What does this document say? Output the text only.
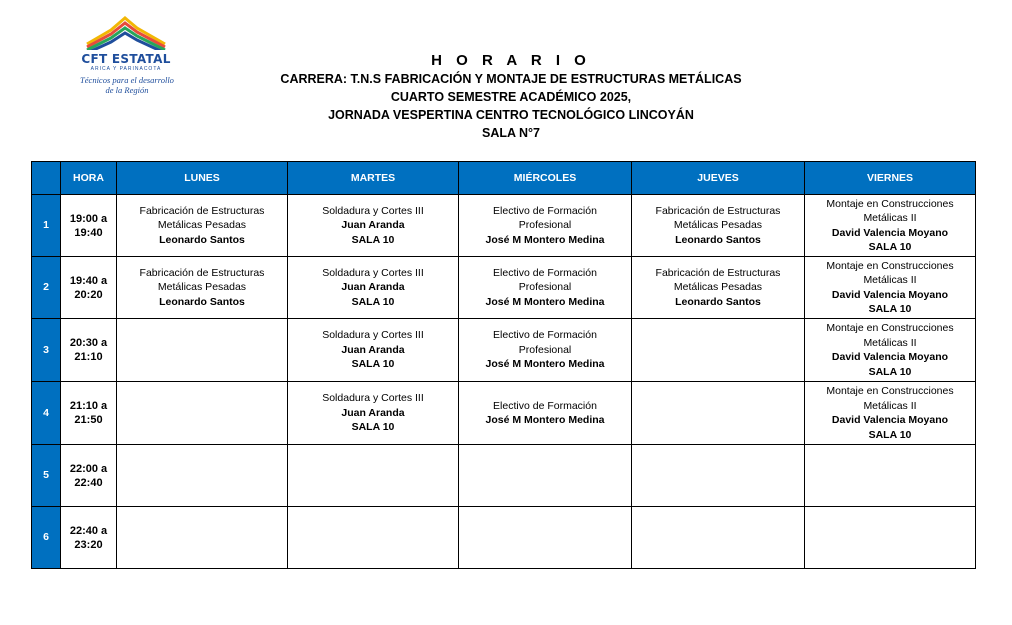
CFT ESTATAL
ARICA Y PARINACOTA
Técnicos para el desarrollo
de la Región
H O R A R I O
CARRERA: T.N.S FABRICACIÓN Y MONTAJE DE ESTRUCTURAS METÁLICAS
CUARTO SEMESTRE ACADÉMICO 2025,
JORNADA VESPERTINA CENTRO TECNOLÓGICO LINCOYÁN
SALA N°7
	HORA	LUNES	MARTES	MIÉRCOLES	JUEVES	VIERNES
1	19:00 a
19:40	Fabricación de Estructuras
Metálicas Pesadas
Leonardo Santos	Soldadura y Cortes III
Juan Aranda
SALA 10	Electivo de Formación
Profesional
José M Montero Medina	Fabricación de Estructuras
Metálicas Pesadas
Leonardo Santos	Montaje en Construcciones
Metálicas II
David Valencia Moyano
SALA 10

2	19:40 a
20:20	Fabricación de Estructuras
Metálicas Pesadas
Leonardo Santos	Soldadura y Cortes III
Juan Aranda
SALA 10	Electivo de Formación
Profesional
José M Montero Medina	Fabricación de Estructuras
Metálicas Pesadas
Leonardo Santos	Montaje en Construcciones
Metálicas II
David Valencia Moyano
SALA 10

3	20:30 a
21:10		Soldadura y Cortes III
Juan Aranda
SALA 10	Electivo de Formación
Profesional
José M Montero Medina		Montaje en Construcciones
Metálicas II
David Valencia Moyano
SALA 10

4	21:10 a
21:50		Soldadura y Cortes III
Juan Aranda
SALA 10	Electivo de Formación
José M Montero Medina		Montaje en Construcciones
Metálicas II
David Valencia Moyano
SALA 10

5	22:00 a
22:40					

6	22:40 a
23:20					
